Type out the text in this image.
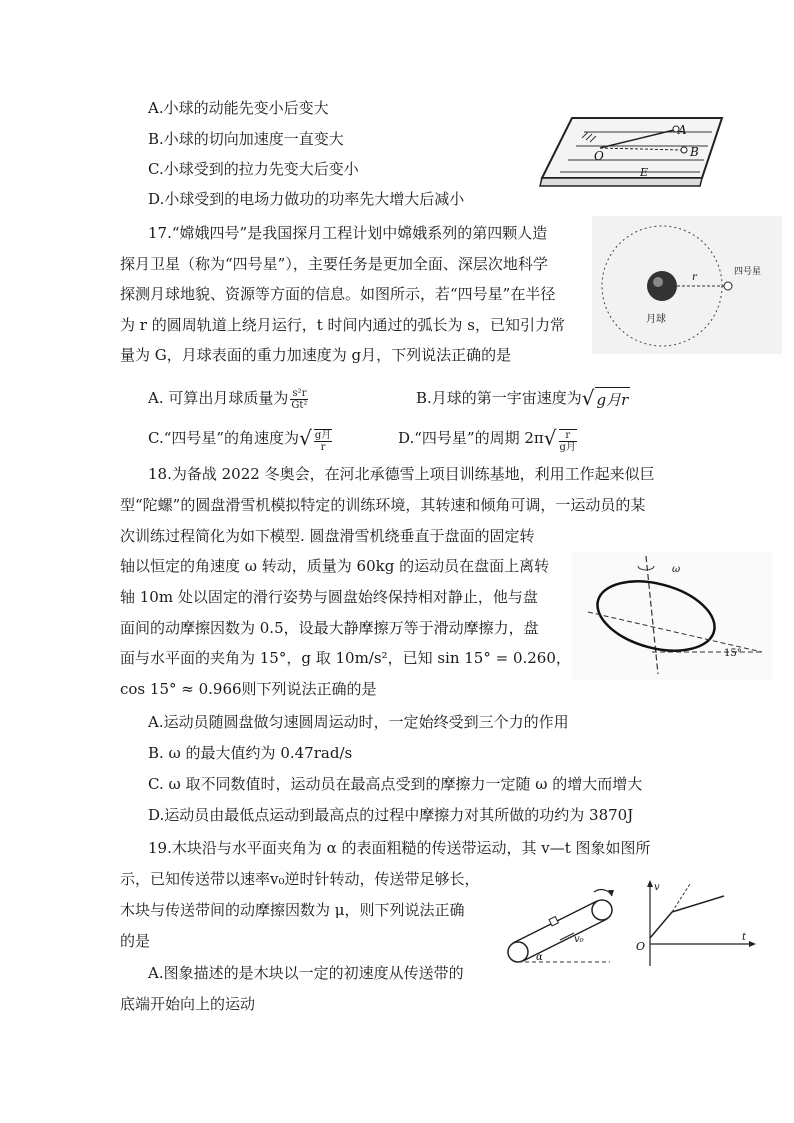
A.小球的动能先变小后变大
B.小球的切向加速度一直变大
C.小球受到的拉力先变大后变小
D.小球受到的电场力做功的功率先大增大后减小
A
O	B
E
17.“嫦娥四号”是我国探月工程计划中嫦娥系列的第四颗人造
探月卫星（称为“四号星”），主要任务是更加全面、深层次地科学
探测月球地貌、资源等方面的信息。如图所示，若“四号星”在半径
为 r 的圆周轨道上绕月运行，t 时间内通过的弧长为 s，已知引力常
量为 G，月球表面的重力加速度为 g月，下列说法正确的是
r	四号星
月球
A. 可算出月球质量为 $\frac{\text{s²r}}{\text{Gt²}}$	B.月球的第一宇宙速度为√ g月r
C.“四号星”的角速度为√ $\frac{\text{g月}}{r}$	D.“四号星”的周期 $2\pi√ \frac{r}{\text{g月}}$
18.为备战 2022 冬奥会，在河北承德雪上项目训练基地，利用工作起来似巨
型“陀螺”的圆盘滑雪机模拟特定的训练环境，其转速和倾角可调，一运动员的某
次训练过程简化为如下模型. 圆盘滑雪机绕垂直于盘面的固定转
轴以恒定的角速度 ω 转动，质量为 60kg 的运动员在盘面上离转
轴 10m 处以固定的滑行姿势与圆盘始终保持相对静止，他与盘
面间的动摩擦因数为 0.5，设最大静摩擦万等于滑动摩擦力，盘
面与水平面的夹角为 15°，g 取 10m/s²，已知 sin 15° = 0.260，
cos 15° ≈ 0.966则下列说法正确的是
ω
15°
A.运动员随圆盘做匀速圆周运动时，一定始终受到三个力的作用
B. ω 的最大值约为 0.47rad/s
C. ω 取不同数值时，运动员在最高点受到的摩擦力一定随 ω 的增大而增大
D.运动员由最低点运动到最高点的过程中摩擦力对其所做的功约为 3870J
19.木块沿与水平面夹角为 α 的表面粗糙的传送带运动，其 v—t 图象如图所
示，已知传送带以速率v₀逆时针转动，传送带足够长，
木块与传送带间的动摩擦因数为 μ，则下列说法正确
的是
A.图象描述的是木块以一定的初速度从传送带的
底端开始向上的运动
v₀
α
v
O
t
